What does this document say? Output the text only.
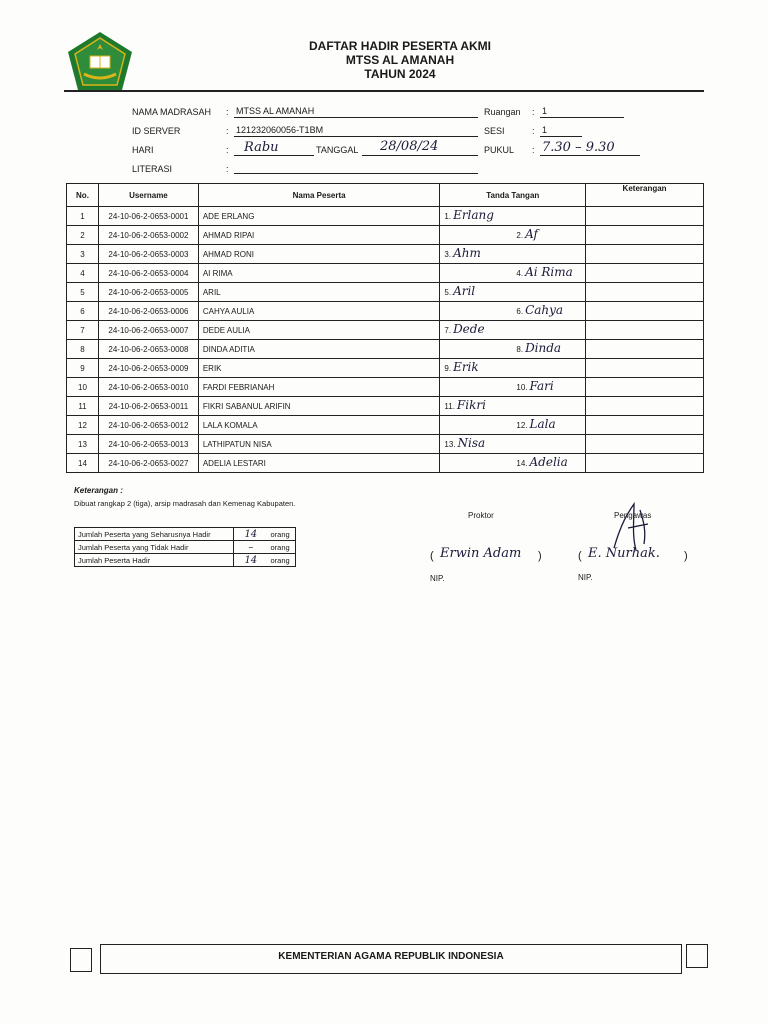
DAFTAR HADIR PESERTA AKMI
MTSS AL AMANAH
TAHUN 2024
NAMA MADRASAH : MTSS AL AMANAH
ID SERVER	: 121232060056-T1BM
HARI	: Rabu	TANGGAL 28/08/24
LITERASI	:
Ruangan : 1
SESI	: 1
PUKUL : 7.30 – 9.30
No.	Username	Nama Peserta	Tanda Tangan	Keterangan
1	24-10-06-2-0653-0001	ADE ERLANG	1. Erlang	

2	24-10-06-2-0653-0002	AHMAD RIPAI	2. Af	

3	24-10-06-2-0653-0003	AHMAD RONI	3. Ahm	

4	24-10-06-2-0653-0004	AI RIMA	4. Ai Rima	

5	24-10-06-2-0653-0005	ARIL	5. Aril	

6	24-10-06-2-0653-0006	CAHYA AULIA	6. Cahya	

7	24-10-06-2-0653-0007	DEDE AULIA	7. Dede	

8	24-10-06-2-0653-0008	DINDA ADITIA	8. Dinda	

9	24-10-06-2-0653-0009	ERIK	9. Erik	

10	24-10-06-2-0653-0010	FARDI FEBRIANAH	10. Fari	

11	24-10-06-2-0653-0011	FIKRI SABANUL ARIFIN	11. Fikri	

12	24-10-06-2-0653-0012	LALA KOMALA	12. Lala	

13	24-10-06-2-0653-0013	LATHIPATUN NISA	13. Nisa	

14	24-10-06-2-0653-0027	ADELIA LESTARI	14. Adelia	

Keterangan :
Dibuat rangkap 2 (tiga), arsip madrasah dan Kemenag Kabupaten.
Jumlah Peserta yang Seharusnya Hadir	14	orang
Jumlah Peserta yang Tidak Hadir	–	orang
Jumlah Peserta Hadir	14	orang
Proktor
( Erwin Adam )
NIP.
Pengawas
( E. Nurhak. )
NIP.
KEMENTERIAN AGAMA REPUBLIK INDONESIA
